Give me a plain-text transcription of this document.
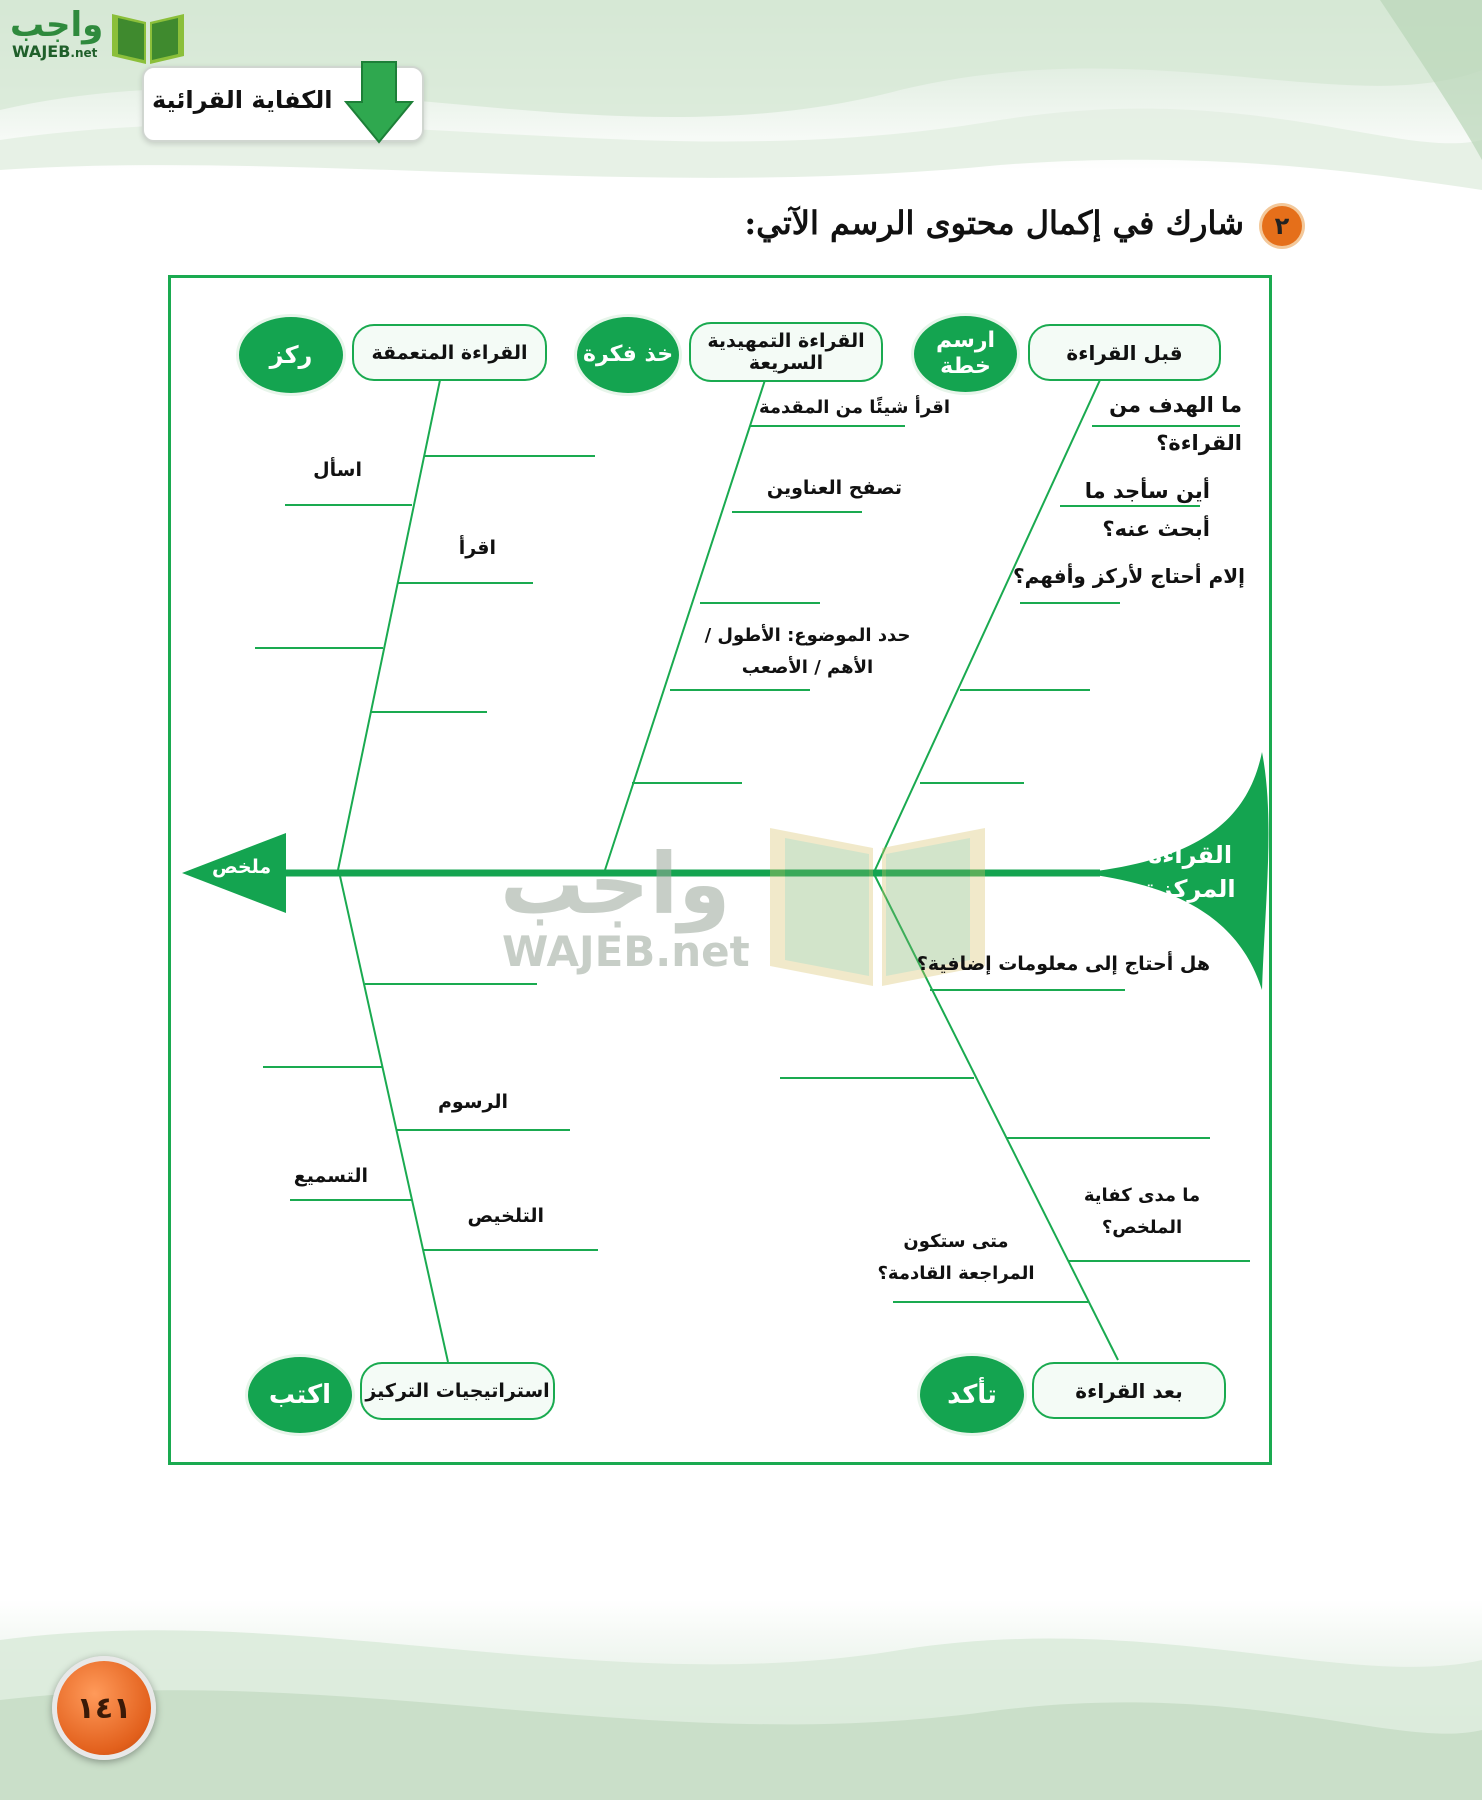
واجب
WAJEB.net
الكفاية القرائية
٢
شارك في إكمال محتوى الرسم الآتي:
واجب
WAJEB.net
القراءة المركزة
ملخص
قبل القراءة
ارسم خطة
القراءة التمهيدية السريعة
خذ فكرة
القراءة المتعمقة
ركز
بعد القراءة
تأكد
استراتيجيات التركيز
اكتب
ما الهدف من القراءة؟
أين سأجد ما أبحث عنه؟
إلام أحتاج لأركز وأفهم؟
اقرأ شيئًا من المقدمة
تصفح العناوين
حدد الموضوع: الأطول / الأهم / الأصعب
اسأل
اقرأ
هل أحتاج إلى معلومات إضافية؟
ما مدى كفاية الملخص؟
متى ستكون المراجعة القادمة؟
الرسوم
التسميع
التلخيص
١٤١
